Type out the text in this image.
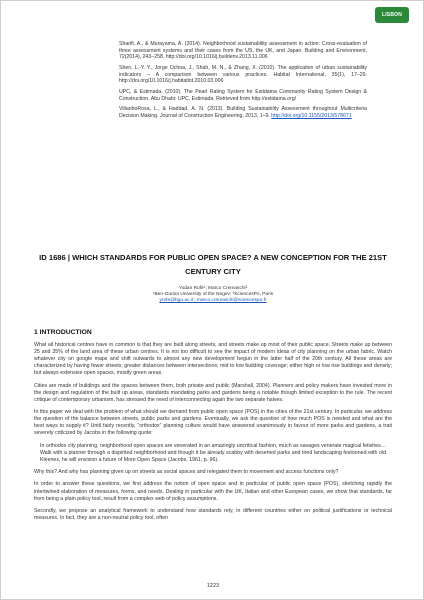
LISBON
Sharifi, A., & Murayama, A. (2014). Neighborhood sustainability assessment in action: Cross-evaluation of three assessment systems and their cases from the US, the UK, and Japan. Building and Environment, 72(2014), 243–258. http://doi.org/10.1016/j.buildenv.2013.11.006
Shen, L.-Y. Y., Jorge Ochoa, J., Shah, M. N., & Zhang, X. (2010). The application of urban sustainability indicators – A comparison between various practices. Habitat International, 35(1), 17–29. http://doi.org/10.1016/j.habitatint.2010.03.006
UPC, & Estimada. (2010). The Pearl Rating System for Estidama Community Rating System Design & Construction. Abu Dhabi: UPC, Estimada. Retrieved from http://estidama.org/
VillanhoRosa, L., & Haddad, A. N. (2013). Building Sustainability Assessment throughout Multicriteria Decision Making. Journal of Construction Engineering, 2013, 1–9. http://doi.org/10.1155/2013/578671
ID 1686 | WHICH STANDARDS FOR PUBLIC OPEN SPACE? A NEW CONCEPTION FOR THE 21ST CENTURY CITY
Yodan Rofè¹; Marco Cremaschi²
¹Ben-Gurion University of the Negev; ²SciencesPo, Paris
yrofe@bgu.ac.il ; marco.cremaschi@sciencespo.fr
1 INTRODUCTION

What all historical centres have in common is that they are built along streets, and streets make up most of their public space. Streets make up between 25 and 35% of the land area of these urban centres. It is not too difficult to see the impact of modern ideas of city planning on the urban fabric. Watch whatever city on google maps and shift outwards to almost any new development begun in the latter half of the 20th century. All these areas are characterized by having fewer streets; greater distances between intersections; mid to low building coverage; either high or low rise buildings and density; but always extensive open spaces, mostly green areas.

Cities are made of buildings and the spaces between them, both private and public (Marshall, 2004). Planners and policy makers have invested more in the design and regulation of the built up areas, standards mandating parks and gardens being a notable though limited exception to the rule. The recent critique of contemporary urbanism, has stressed the need of interconnecting again the two separate halves.

In this paper we deal with the problem of what should we demand from public open space (POS) in the cities of the 21st century. In particular, we address the question of the balance between streets, public parks and gardens. Eventually, we ask the question of how much POS is needed and what are the best ways to supply it? Until fairly recently, "orthodox" planning culture would have answered unanimously in favour of more parks and gardens, a trait severely criticized by Jacobs in the following quote:

In orthodox city planning, neighborhood open spaces are venerated in an amazingly uncritical fashion, much as savages venerate magical fetishes… Walk with a planner through a dispirited neighborhood and though it be already scabby with deserted parks and tired landscaping festooned with old Kleenex, he will envision a future of More Open Space (Jacobs, 1961, p. 96).

Why this? And why has planning given up on streets as social spaces and relegated them to movement and access functions only?

In order to answer these questions, we first address the notion of open space and in particular of public open space (POS), sketching rapidly the intertwined elaboration of measures, forms, and needs. Dealing in particular with the UK, Italian and other European cases, we show that standards, far from being a plain policy tool, result from a complex web of policy assumptions.

Secondly, we propose an analytical framework to understand how standards rely, in different countries either on political justifications or technical measures. In fact, they are a non-neutral policy tool, often

1223
